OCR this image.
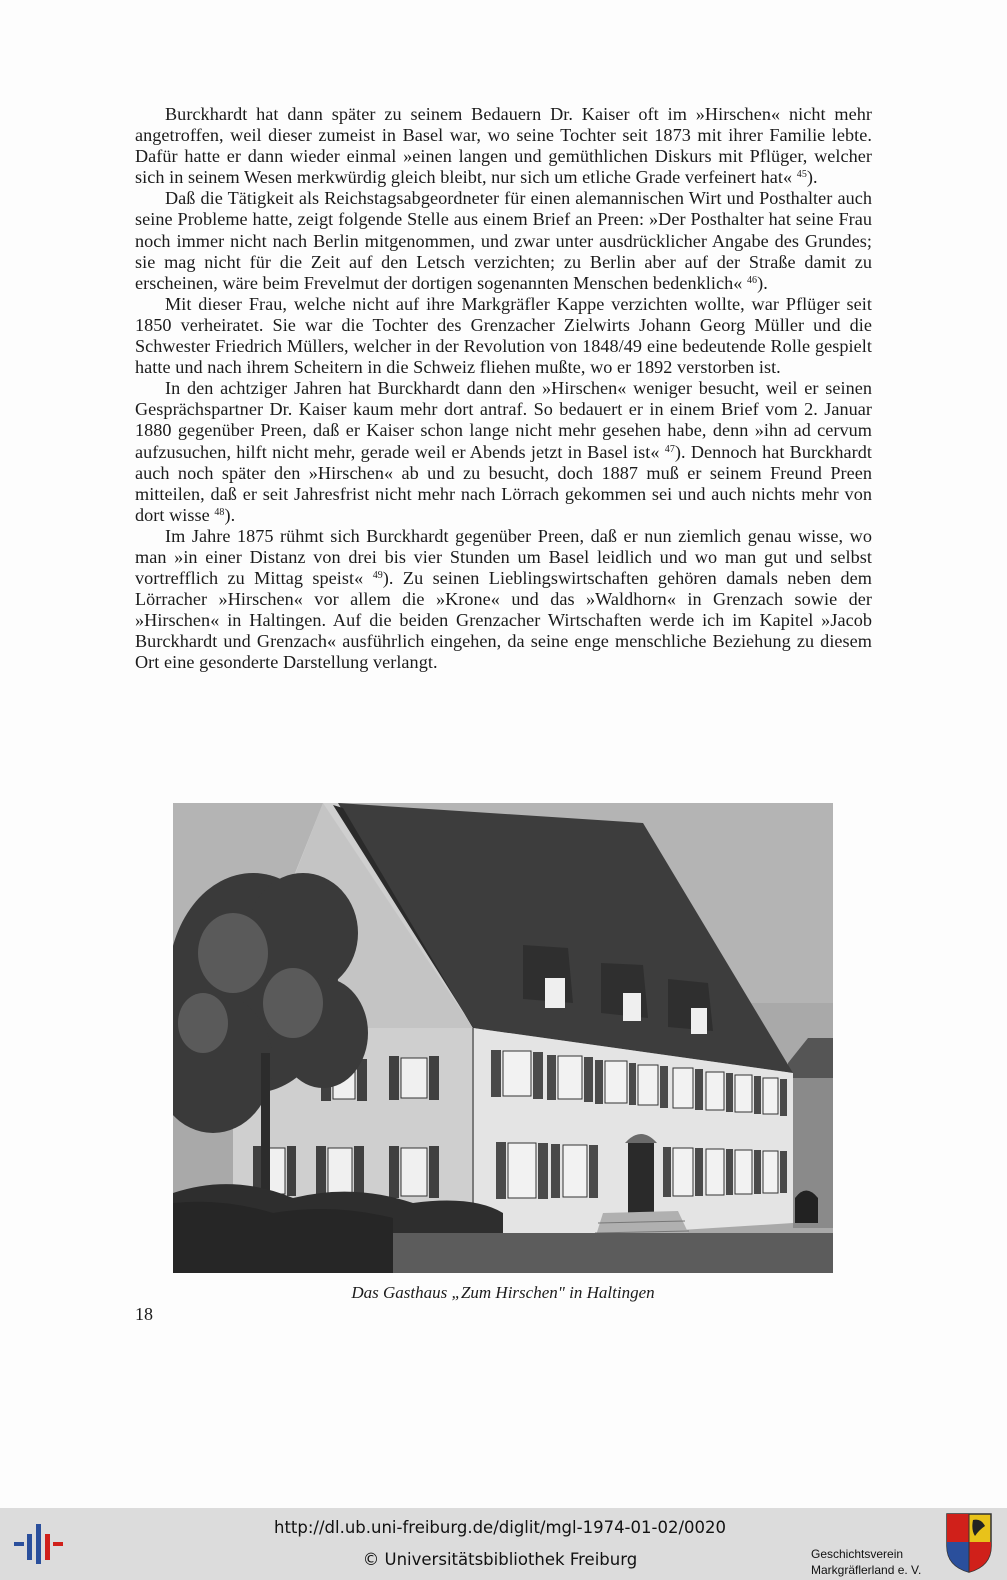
Burckhardt hat dann später zu seinem Bedauern Dr. Kaiser oft im »Hirschen« nicht mehr angetroffen, weil dieser zumeist in Basel war, wo seine Tochter seit 1873 mit ihrer Familie lebte. Dafür hatte er dann wieder einmal »einen langen und gemüthlichen Diskurs mit Pflüger, welcher sich in seinem Wesen merkwürdig gleich bleibt, nur sich um etliche Grade verfeinert hat« $^{45}$).

Daß die Tätigkeit als Reichstagsabgeordneter für einen alemannischen Wirt und Posthalter auch seine Probleme hatte, zeigt folgende Stelle aus einem Brief an Preen: »Der Posthalter hat seine Frau noch immer nicht nach Berlin mitgenommen, und zwar unter ausdrücklicher Angabe des Grundes; sie mag nicht für die Zeit auf den Letsch verzichten; zu Berlin aber auf der Straße damit zu erscheinen, wäre beim Frevelmut der dortigen sogenannten Menschen bedenklich« $^{46}$).

Mit dieser Frau, welche nicht auf ihre Markgräfler Kappe verzichten wollte, war Pflüger seit 1850 verheiratet. Sie war die Tochter des Grenzacher Zielwirts Johann Georg Müller und die Schwester Friedrich Müllers, welcher in der Revolution von 1848/49 eine bedeutende Rolle gespielt hatte und nach ihrem Scheitern in die Schweiz fliehen mußte, wo er 1892 verstorben ist.

In den achtziger Jahren hat Burckhardt dann den »Hirschen« weniger besucht, weil er seinen Gesprächspartner Dr. Kaiser kaum mehr dort antraf. So bedauert er in einem Brief vom 2. Januar 1880 gegenüber Preen, daß er Kaiser schon lange nicht mehr gesehen habe, denn »ihn ad cervum aufzusuchen, hilft nicht mehr, gerade weil er Abends jetzt in Basel ist« $^{47}$). Dennoch hat Burckhardt auch noch später den »Hirschen« ab und zu besucht, doch 1887 muß er seinem Freund Preen mitteilen, daß er seit Jahresfrist nicht mehr nach Lörrach gekommen sei und auch nichts mehr von dort wisse $^{48}$).

Im Jahre 1875 rühmt sich Burckhardt gegenüber Preen, daß er nun ziemlich genau wisse, wo man »in einer Distanz von drei bis vier Stunden um Basel leidlich und wo man gut und selbst vortrefflich zu Mittag speist« $^{49}$). Zu seinen Lieblingswirtschaften gehören damals neben dem Lörracher »Hirschen« vor allem die »Krone« und das »Waldhorn« in Grenzach sowie der »Hirschen« in Haltingen. Auf die beiden Grenzacher Wirtschaften werde ich im Kapitel »Jacob Burckhardt und Grenzach« ausführlich eingehen, da seine enge menschliche Beziehung zu diesem Ort eine gesonderte Darstellung verlangt.

Das Gasthaus „Zum Hirschen" in Haltingen
18
http://dl.ub.uni-freiburg.de/diglit/mgl-1974-01-02/0020
© Universitätsbibliothek Freiburg	Geschichtsverein
Markgräflerland e. V.
